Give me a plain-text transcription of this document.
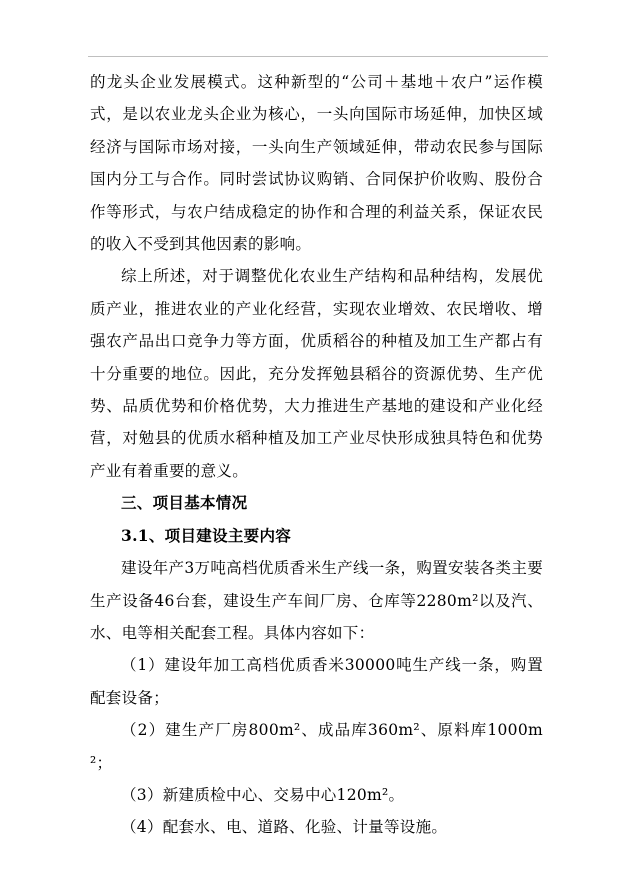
的龙头企业发展模式。这种新型的“公司＋基地＋农户”运作模式，是以农业龙头企业为核心，一头向国际市场延伸，加快区域经济与国际市场对接，一头向生产领域延伸，带动农民参与国际国内分工与合作。同时尝试协议购销、合同保护价收购、股份合作等形式，与农户结成稳定的协作和合理的利益关系，保证农民的收入不受到其他因素的影响。

综上所述，对于调整优化农业生产结构和品种结构，发展优质产业，推进农业的产业化经营，实现农业增效、农民增收、增强农产品出口竞争力等方面，优质稻谷的种植及加工生产都占有十分重要的地位。因此，充分发挥勉县稻谷的资源优势、生产优势、品质优势和价格优势，大力推进生产基地的建设和产业化经营，对勉县的优质水稻种植及加工产业尽快形成独具特色和优势产业有着重要的意义。

三、项目基本情况

3.1、项目建设主要内容

建设年产3万吨高档优质香米生产线一条，购置安装各类主要生产设备46台套，建设生产车间厂房、仓库等2280m²以及汽、水、电等相关配套工程。具体内容如下：

（1）建设年加工高档优质香米30000吨生产线一条，购置配套设备；

（2）建生产厂房800m²、成品库360m²、原料库1000m²；

（3）新建质检中心、交易中心120m²。

（4）配套水、电、道路、化验、计量等设施。
